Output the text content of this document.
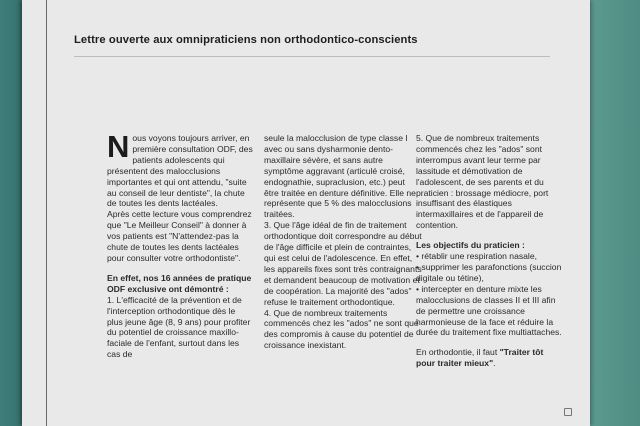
Lettre ouverte aux omnipraticiens non orthodontico-conscients

Nous voyons toujours arriver, en première consultation ODF, des patients adolescents qui présentent des malocclusions importantes et qui ont attendu, "suite au conseil de leur dentiste", la chute de toutes les dents lactéales.

Après cette lecture vous comprendrez que "Le Meilleur Conseil" à donner à vos patients est "N'attendez-pas la chute de toutes les dents lactéales pour consulter votre orthodontiste".

En effet, nos 16 années de pratique ODF exclusive ont démontré :

1. L'efficacité de la prévention et de l'interception orthodontique dès le plus jeune âge (8, 9 ans) pour profiter du potentiel de croissance maxillo-faciale de l'enfant, surtout dans les cas de

seule la malocclusion de type classe I avec ou sans dysharmonie dento-maxillaire sévère, et sans autre symptôme aggravant (articulé croisé, endognathie, supraclusion, etc.) peut être traitée en denture définitive. Elle ne représente que 5 % des malocclusions traitées.

3. Que l'âge idéal de fin de traitement orthodontique doit correspondre au début de l'âge difficile et plein de contraintes, qui est celui de l'adolescence. En effet, les appareils fixes sont très contraignants et demandent beaucoup de motivation et de coopération. La majorité des "ados" refuse le traitement orthodontique.

4. Que de nombreux traitements commencés chez les "ados" ne sont que des compromis à cause du potentiel de croissance inexistant.

5. Que de nombreux traitements commencés chez les "ados" sont interrompus avant leur terme par lassitude et démotivation de l'adolescent, de ses parents et du praticien : brossage médiocre, port insuffisant des élastiques intermaxillaires et de l'appareil de contention.

Les objectifs du praticien :

• rétablir une respiration nasale,

• supprimer les parafonctions (succion digitale ou tétine),

• intercepter en denture mixte les malocclusions de classes II et III afin de permettre une croissance harmonieuse de la face et réduire la durée du traitement fixe multiattaches.

En orthodontie, il faut "Traiter tôt pour traiter mieux".
